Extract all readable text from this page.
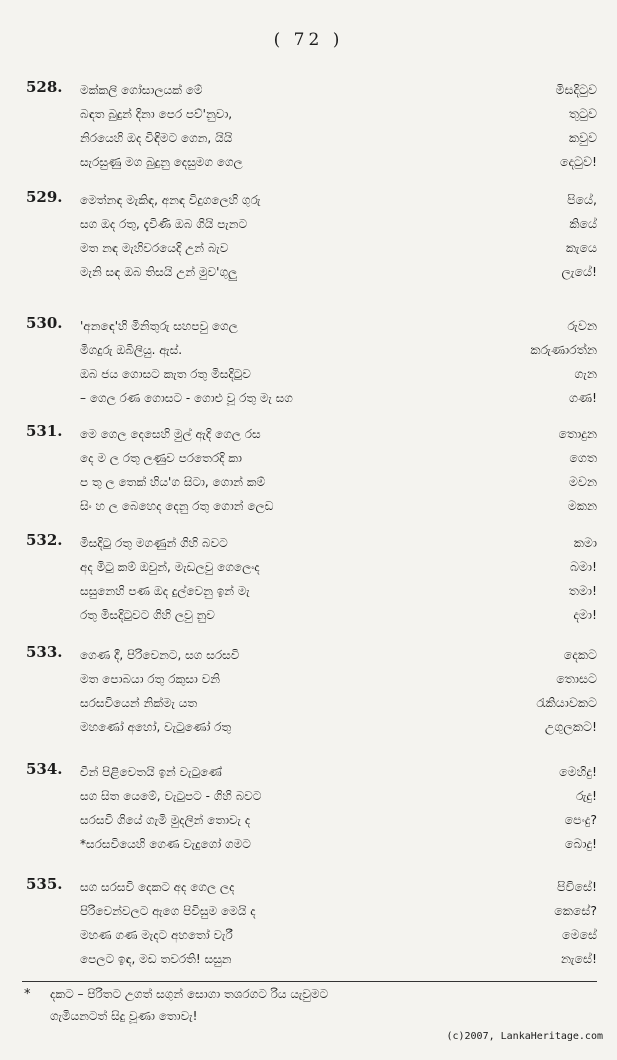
( 72 )
528. මක්කලි ගෝසාලයක් මේ	මිසදිටුව
බඳත බුදුන් දිනා පෙර පව්'නුවා,	තුටුව
නිරයෙහි ඔද විඳිමට ගෙන, යියි	කවුව
සැරසුණු මග බුදුනු දෙසුමග ගෙල	දෙටුව!
529. මෙත්නඳ මැකිඳ, අනඳ විදුගලෙහි ගුරු	පියේ,
සග ඔද රතු, දැවිණි ඔබ ගියි පැනට	කියේ
මත නඳ මැහිවරයෙදි උන් බැව	කැයෙ
මැනි සඳ ඔබ තිසයි උන් මුව'ගුලු	ලැයේ!
530. 'අනඳෙ'හි මිනිතුරු සහපවු ගෙල	රුවන
මිගදුරු ඔබිලියු. ඇස්.	කරුණාරත්න
ඔබ ජය ගොසට කැත රතු මිසදිටුව	ගැන
– ගෙල රණ ගොසට - ගොළු වූ රතු මැ සග	ගණ!
531. මෙ ගෙල දෙසෙහි මුල් ඇදි ගෙල රස	තොදුන
දෙ ම ල රතු ලණුව පරතෙරදි කා	ගෙත
ප තු ල තෙක් හිය'ග සිටා, ගොන් කම්	මවන
සිං හ ල බෙහෙද දෙනු රතු ගොන් ලෙඩ	මකන
532. මිසදිටු රතු මගණුන් ගිහි බවට	කමා
අද මිටු කම් ඔවුන්, මැඩලවු ගෙලෙංද	බමා!
සසුනෙහි පණ ඔද දුල්වෙනු ඉන් මැ	තමා!
රතු මිසදිටුවට ගිහි ලවු නුව	දමා!
533. ගෙණ දී, පිරිවෙනට, සග සරසවි	දෙකට
මත පොබයා රතු රකුසා වනි	තොසට
සරසවියෙන් නික්මැ යත	රැකියාවකට
මහණෝ අහෝ, වැටුණෝ රතු	උගුලකට!
534. චීන් පිළිවෙතයි ඉන් වැටුණේ	මෙහිදු!
සග සිත යෙමේ, වැටුපට - ගිහි බවට	රුදු!
සරසවි ගියේ ගැමි මුදලින් තොවැ ද	පෙංදු?
*සරසවියෙහි ගෙණ වැදුගෝ ගමට	බොදු!
535. සග සරසවි දෙකට අද ගෙල ලද	පිවිසේ!
පිරිවෙන්වලට ඇගෙ පිවිසුම මෙයි ද	කෙසේ?
මහණ ගණ මැදට අහතෝ වැරී	මෙසේ
පෙලට ඉඳ, මඩ තවරති! සසුන	නැසේ!
* දකට – පිරිතට උගත් සගුන් සොගා තශරගට රිය යැවුමට
ගැමියනටත් සිදු වූණා තොවැ!
(c)2007, LankaHeritage.com
